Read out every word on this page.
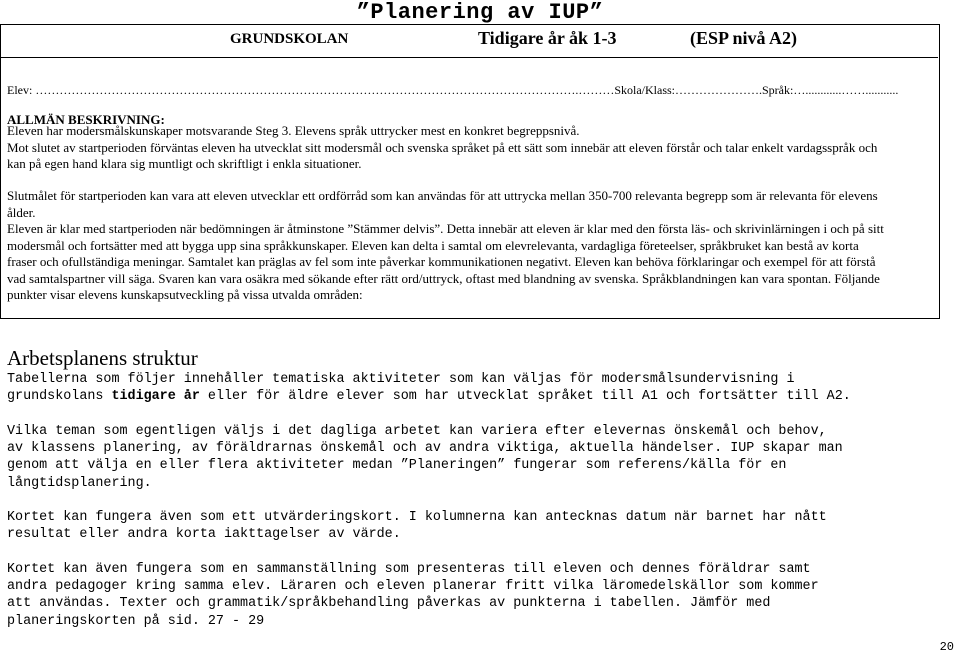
”Planering av IUP”
GRUNDSKOLAN	Tidigare år åk 1-3	(ESP nivå A2)
Elev: ……………………………………………………………………………………………………………………….………Skola/Klass:………………….Språk:…............……...........
ALLMÄN BESKRIVNING:
Eleven har modersmålskunskaper motsvarande Steg 3. Elevens språk uttrycker mest en konkret begreppsnivå.
Mot slutet av startperioden förväntas eleven ha utvecklat sitt modersmål och svenska språket på ett sätt som innebär att eleven förstår och talar enkelt vardagsspråk och
kan på egen hand klara sig muntligt och skriftligt i enkla situationer.
Slutmålet för startperioden kan vara att eleven utvecklar ett ordförråd som kan användas för att uttrycka mellan 350-700 relevanta begrepp som är relevanta för elevens
ålder.
Eleven är klar med startperioden när bedömningen är åtminstone ”Stämmer delvis”. Detta innebär att eleven är klar med den första läs- och skrivinlärningen i och på sitt
modersmål och fortsätter med att bygga upp sina språkkunskaper. Eleven kan delta i samtal om elevrelevanta, vardagliga företeelser, språkbruket kan bestå av korta
fraser och ofullständiga meningar. Samtalet kan präglas av fel som inte påverkar kommunikationen negativt. Eleven kan behöva förklaringar och exempel för att förstå
vad samtalspartner vill säga. Svaren kan vara osäkra med sökande efter rätt ord/uttryck, oftast med blandning av svenska. Språkblandningen kan vara spontan. Följande
punkter visar elevens kunskapsutveckling på vissa utvalda områden:
Arbetsplanens struktur
Tabellerna som följer innehåller tematiska aktiviteter som kan väljas för modersmålsundervisning i
grundskolans tidigare år eller för äldre elever som har utvecklat språket till A1 och fortsätter till A2.
Vilka teman som egentligen väljs i det dagliga arbetet kan variera efter elevernas önskemål och behov,
av klassens planering, av föräldrarnas önskemål och av andra viktiga, aktuella händelser. IUP skapar man
genom att välja en eller flera aktiviteter medan ”Planeringen” fungerar som referens/källa för en
långtidsplanering.
Kortet kan fungera även som ett utvärderingskort. I kolumnerna kan antecknas datum när barnet har nått
resultat eller andra korta iakttagelser av värde.
Kortet kan även fungera som en sammanställning som presenteras till eleven och dennes föräldrar samt
andra pedagoger kring samma elev. Läraren och eleven planerar fritt vilka läromedelskällor som kommer
att användas. Texter och grammatik/språkbehandling påverkas av punkterna i tabellen. Jämför med
planeringskorten på sid. 27 - 29
20
